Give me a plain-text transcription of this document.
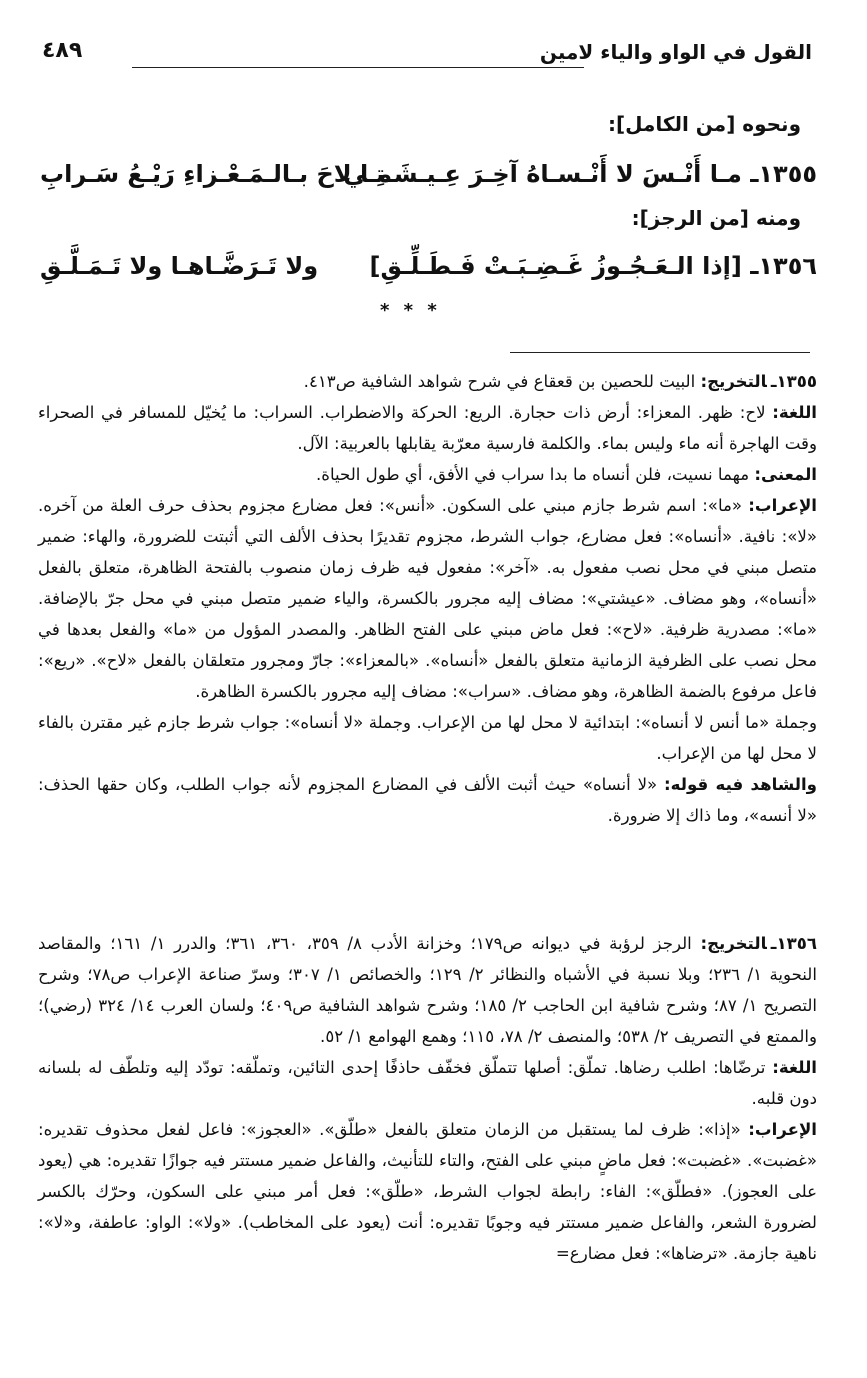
القول في الواو والياء لامين
٤٨٩
ونحوه [من الكامل]:
١٣٥٥ـ مـا أَنْـسَ لا أَنْـسـاهُ آخِـرَ عِـيـشَـتِـي
مـا لاحَ بـالـمَـعْـزاءِ رَيْـعُ سَـرابِ
ومنه [من الرجز]:
١٣٥٦ـ [إذا الـعَـجُـوزُ غَـضِـبَـتْ فَـطَـلِّـقِ]
ولا تَـرَضَّـاهـا ولا تَـمَـلَّـقِ
* * *

١٣٥٥ـالتخريج: البيت للحصين بن قعقاع في شرح شواهد الشافية ص٤١٣.

اللغة: لاح: ظهر. المعزاء: أرض ذات حجارة. الريع: الحركة والاضطراب. السراب: ما يُخيّل للمسافر في الصحراء وقت الهاجرة أنه ماء وليس بماء. والكلمة فارسية معرّبة يقابلها بالعربية: الآل.

المعنى: مهما نسيت، فلن أنساه ما بدا سراب في الأفق، أي طول الحياة.

الإعراب: «ما»: اسم شرط جازم مبني على السكون. «أنس»: فعل مضارع مجزوم بحذف حرف العلة من آخره. «لا»: نافية. «أنساه»: فعل مضارع، جواب الشرط، مجزوم تقديرًا بحذف الألف التي أثبتت للضرورة، والهاء: ضمير متصل مبني في محل نصب مفعول به. «آخر»: مفعول فيه ظرف زمان منصوب بالفتحة الظاهرة، متعلق بالفعل «أنساه»، وهو مضاف. «عيشتي»: مضاف إليه مجرور بالكسرة، والياء ضمير متصل مبني في محل جرّ بالإضافة. «ما»: مصدرية ظرفية. «لاح»: فعل ماض مبني على الفتح الظاهر. والمصدر المؤول من «ما» والفعل بعدها في محل نصب على الظرفية الزمانية متعلق بالفعل «أنساه». «بالمعزاء»: جارّ ومجرور متعلقان بالفعل «لاح». «ريع»: فاعل مرفوع بالضمة الظاهرة، وهو مضاف. «سراب»: مضاف إليه مجرور بالكسرة الظاهرة.

وجملة «ما أنس لا أنساه»: ابتدائية لا محل لها من الإعراب. وجملة «لا أنساه»: جواب شرط جازم غير مقترن بالفاء لا محل لها من الإعراب.

والشاهد فيه قوله: «لا أنساه» حيث أثبت الألف في المضارع المجزوم لأنه جواب الطلب، وكان حقها الحذف: «لا أنسه»، وما ذاك إلا ضرورة.

١٣٥٦ـالتخريج: الرجز لرؤبة في ديوانه ص١٧٩؛ وخزانة الأدب ٨/ ٣٥٩، ٣٦٠، ٣٦١؛ والدرر ١/ ١٦١؛ والمقاصد النحوية ١/ ٢٣٦؛ وبلا نسبة في الأشباه والنظائر ٢/ ١٢٩؛ والخصائص ١/ ٣٠٧؛ وسرّ صناعة الإعراب ص٧٨؛ وشرح التصريح ١/ ٨٧؛ وشرح شافية ابن الحاجب ٢/ ١٨٥؛ وشرح شواهد الشافية ص٤٠٩؛ ولسان العرب ١٤/ ٣٢٤ (رضي)؛ والممتع في التصريف ٢/ ٥٣٨؛ والمنصف ٢/ ٧٨، ١١٥؛ وهمع الهوامع ١/ ٥٢.

اللغة: ترضّاها: اطلب رضاها. تملّق: أصلها تتملّق فخفّف حاذفًا إحدى التائين، وتملّقه: تودّد إليه وتلطّف له بلسانه دون قلبه.

الإعراب: «إذا»: ظرف لما يستقبل من الزمان متعلق بالفعل «طلّق». «العجوز»: فاعل لفعل محذوف تقديره: «غضبت». «غضبت»: فعل ماضٍ مبني على الفتح، والتاء للتأنيث، والفاعل ضمير مستتر فيه جوازًا تقديره: هي (يعود على العجوز). «فطلّق»: الفاء: رابطة لجواب الشرط، «طلّق»: فعل أمر مبني على السكون، وحرّك بالكسر لضرورة الشعر، والفاعل ضمير مستتر فيه وجوبًا تقديره: أنت (يعود على المخاطب). «ولا»: الواو: عاطفة، و«لا»: ناهية جازمة. «ترضاها»: فعل مضارع=
